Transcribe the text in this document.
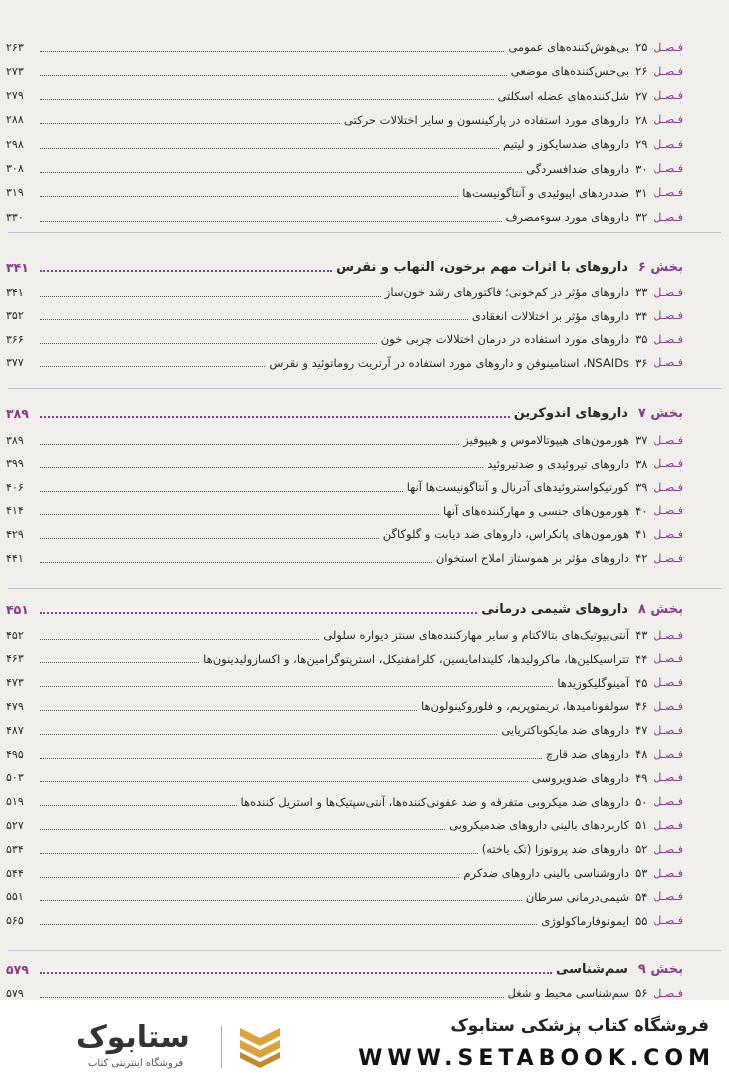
فـصـل
۲۵
بی‌هوش‌کننده‌های عمومی
۲۶۳
فـصـل
۲۶
بی‌حس‌کننده‌های موضعی
۲۷۳
فـصـل
۲۷
شل‌کننده‌های عضله اسکلتی
۲۷۹
فـصـل
۲۸
داروهای مورد استفاده در پارکینسون و سایر اختلالات حرکتی
۲۸۸
فـصـل
۲۹
داروهای ضدسایکوز و لیتیم
۲۹۸
فـصـل
۳۰
داروهای ضدافسردگی
۳۰۸
فـصـل
۳۱
ضددردهای اپیوئیدی و آنتاگونیست‌ها
۳۱۹
فـصـل
۳۲
داروهای مورد سوءمصرف
۳۳۰
بخش ۶
داروهای با اثرات مهم برخون، التهاب و نقرس
۳۴۱
فـصـل
۳۳
داروهای مؤثر در کم‌خونی؛ فاکتورهای رشد خون‌ساز
۳۴۱
فـصـل
۳۴
داروهای مؤثر بر اختلالات انعقادی
۳۵۲
فـصـل
۳۵
داروهای مورد استفاده در درمان اختلالات چربی خون
۳۶۶
فـصـل
۳۶
NSAIDs، استامینوفن و داروهای مورد استفاده در آرتریت روماتوئید و نقرس
۳۷۷
بخش ۷
داروهای اندوکرین
۳۸۹
فـصـل
۳۷
هورمون‌های هیپوتالاموس و هیپوفیز
۳۸۹
فـصـل
۳۸
داروهای تیروئیدی و ضدتیروئید
۳۹۹
فـصـل
۳۹
کورتیکواستروئیدهای آدرنال و آنتاگونیست‌ها آنها
۴۰۶
فـصـل
۴۰
هورمون‌های جنسی و مهارکننده‌های آنها
۴۱۴
فـصـل
۴۱
هورمون‌های پانکراس، داروهای ضد دیابت و گلوکاگن
۴۲۹
فـصـل
۴۲
داروهای مؤثر بر هموستاز املاح استخوان
۴۴۱
بخش ۸
داروهای شیمی درمانی
۴۵۱
فـصـل
۴۳
آنتی‌بیوتیک‌های بتالاکتام و سایر مهارکننده‌های سنتز دیواره سلولی
۴۵۲
فـصـل
۴۴
تتراسیکلین‌ها، ماکرولیدها، کلیندامایسین، کلرامفنیکل، استرپتوگرامین‌ها، و اکسازولیدینون‌ها
۴۶۳
فـصـل
۴۵
آمینوگلیکوزیدها
۴۷۳
فـصـل
۴۶
سولفونامیدها، تریمتوپریم، و فلوروکینولون‌ها
۴۷۹
فـصـل
۴۷
داروهای ضد مایکوباکتریایی
۴۸۷
فـصـل
۴۸
داروهای ضد قارچ
۴۹۵
فـصـل
۴۹
داروهای ضدویروسی
۵۰۳
فـصـل
۵۰
داروهای ضد میکروبی متفرقه و ضد عفونی‌کننده‌ها، آنتی‌سپتیک‌ها و استریل کننده‌ها
۵۱۹
فـصـل
۵۱
کاربردهای بالینی داروهای ضدمیکروبی
۵۲۷
فـصـل
۵۲
داروهای ضد پروتوزا (تک یاخته)
۵۳۴
فـصـل
۵۳
داروشناسی بالینی داروهای ضدکرم
۵۴۴
فـصـل
۵۴
شیمی‌درمانی سرطان
۵۵۱
فـصـل
۵۵
ایمونوفارماکولوژی
۵۶۵
بخش ۹
سم‌شناسی
۵۷۹
فـصـل
۵۶
سم‌شناسی محیط و شغل
۵۷۹
فروشگاه کتاب پزشکی ستابوک
WWW.SETABOOK.COM
ستابوک
فروشگاه اینترنتی کتاب
